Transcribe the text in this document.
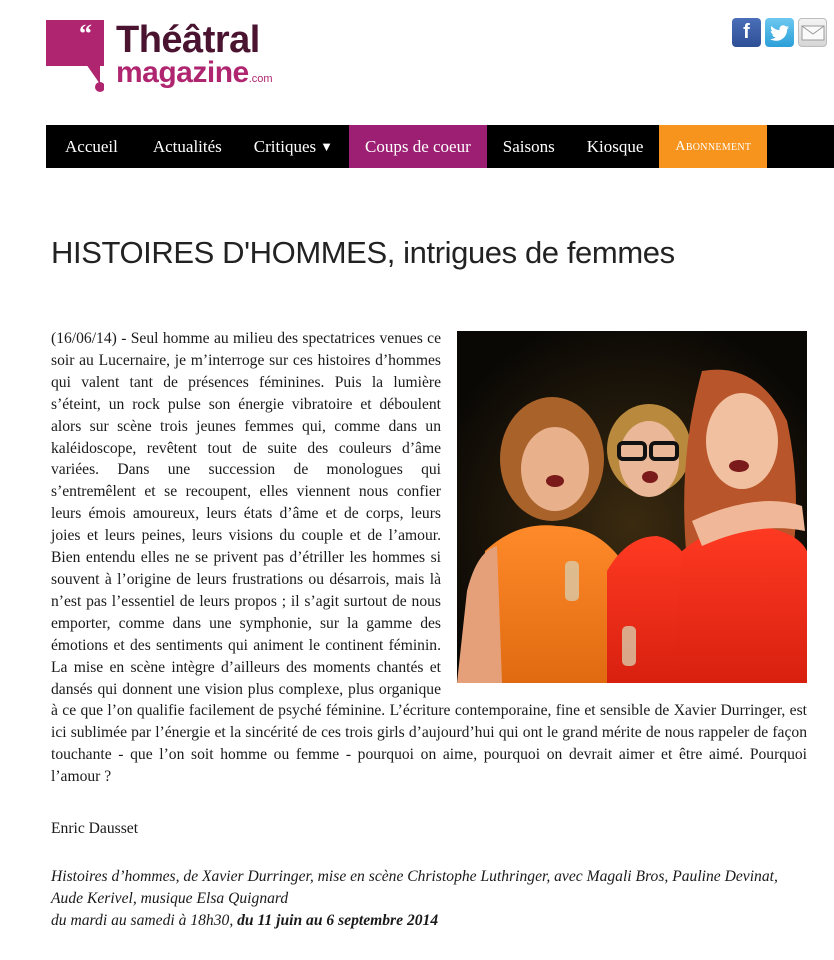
“ Théâtral
magazine.com
f
Accueil	Actualités	Critiques ▼	Coups de coeur	Saisons	Kiosque	Abonnement
HISTOIRES D'HOMMES, intrigues de femmes

(16/06/14) - Seul homme au milieu des spectatrices venues ce soir au Lucernaire, je m’interroge sur ces histoires d’hommes qui valent tant de présences féminines. Puis la lumière s’éteint, un rock pulse son énergie vibratoire et déboulent alors sur scène trois jeunes femmes qui, comme dans un kaléidoscope, revêtent tout de suite des couleurs d’âme variées. Dans une succession de monologues qui s’entremêlent et se recoupent, elles viennent nous confier leurs émois amoureux, leurs états d’âme et de corps, leurs joies et leurs peines, leurs visions du couple et de l’amour. Bien entendu elles ne se privent pas d’étriller les hommes si souvent à l’origine de leurs frustrations ou désarrois, mais là n’est pas l’essentiel de leurs propos ; il s’agit surtout de nous emporter, comme dans une symphonie, sur la gamme des émotions et des sentiments qui animent le continent féminin. La mise en scène intègre d’ailleurs des moments chantés et dansés qui donnent une vision plus complexe, plus organique à ce que l’on qualifie facilement de psyché féminine. L’écriture contemporaine, fine et sensible de Xavier Durringer, est ici sublimée par l’énergie et la sincérité de ces trois girls d’aujourd’hui qui ont le grand mérite de nous rappeler de façon touchante - que l’on soit homme ou femme - pourquoi on aime, pourquoi on devrait aimer et être aimé. Pourquoi l’amour ?

Enric Dausset

Histoires d’hommes, de Xavier Durringer, mise en scène Christophe Luthringer, avec Magali Bros, Pauline Devinat, Aude Kerivel, musique Elsa Quignard
du mardi au samedi à 18h30, du 11 juin au 6 septembre 2014
